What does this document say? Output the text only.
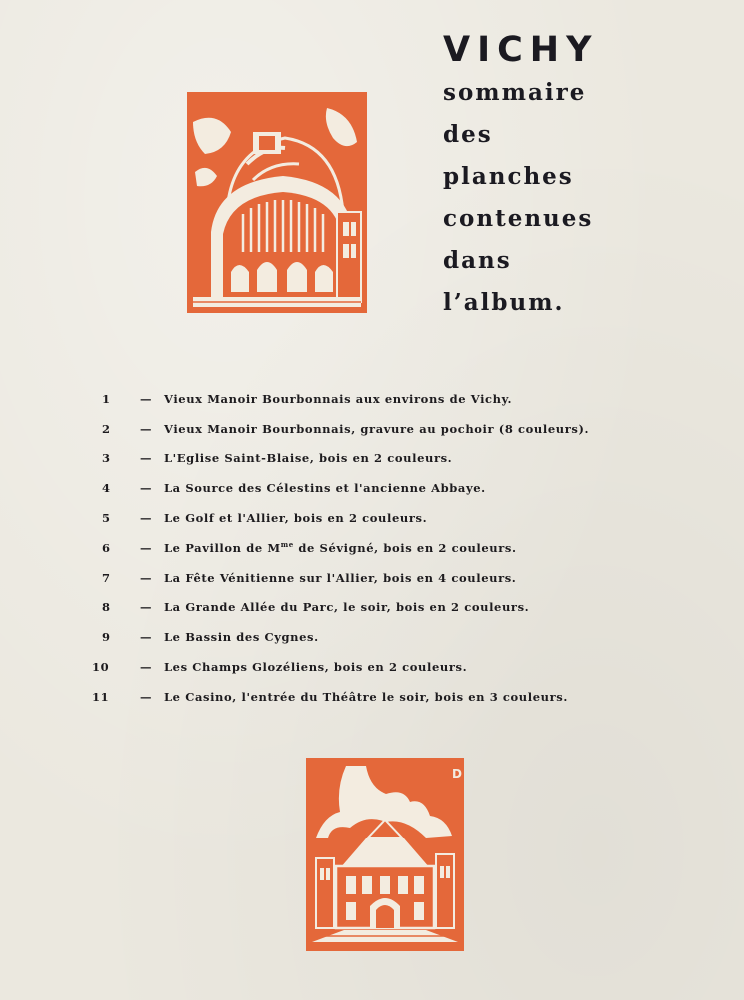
VICHY
sommaire
des
planches
contenues
dans
l’album.
1	—	Vieux Manoir Bourbonnais aux environs de Vichy.
2	—	Vieux Manoir Bourbonnais, gravure au pochoir (8 couleurs).
3	—	L'Eglise Saint-Blaise, bois en 2 couleurs.
4	—	La Source des Célestins et l'ancienne Abbaye.
5	—	Le Golf et l'Allier, bois en 2 couleurs.
6	—	Le Pavillon de $M^{me}$ de Sévigné, bois en 2 couleurs.
7	—	La Fête Vénitienne sur l'Allier, bois en 4 couleurs.
8	—	La Grande Allée du Parc, le soir, bois en 2 couleurs.
9	—	Le Bassin des Cygnes.
10	—	Les Champs Glozéliens, bois en 2 couleurs.
11	—	Le Casino, l'entrée du Théâtre le soir, bois en 3 couleurs.
D
